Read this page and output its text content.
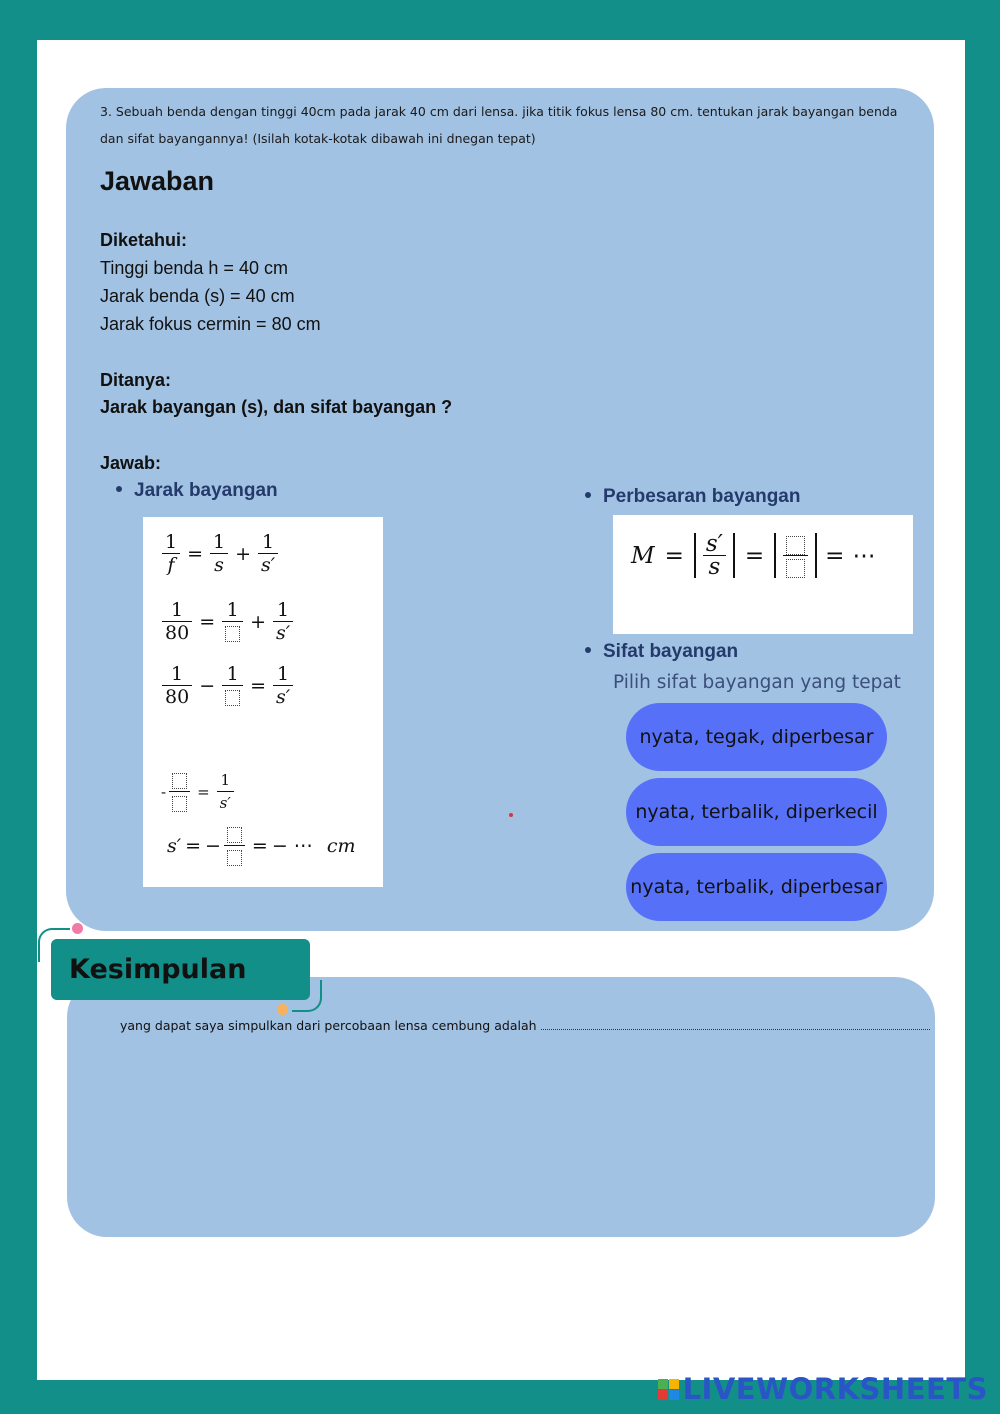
3. Sebuah benda dengan tinggi 40cm pada jarak 40 cm dari lensa. jika titik fokus lensa 80 cm. tentukan jarak bayangan benda dan sifat bayangannya! (Isilah kotak-kotak dibawah ini dnegan tepat)
Jawaban
Diketahui:
Tinggi benda h = 40 cm
Jarak benda (s) = 40 cm
Jarak fokus cermin = 80 cm
Ditanya:
Jarak bayangan (s), dan sifat bayangan ?
Jawab:
Jarak bayangan
$\frac{1}{f} = \frac{1}{s} + \frac{1}{s'}$
$\frac{1}{80}$ =
1
+ $\frac{1}{s'}$
$\frac{1}{80}$ −
1
= $\frac{1}{s'}$
- = $\frac{1}{s'}$
s′ = − = − ⋯ cm
Perbesaran bayangan
$M = \frac{s'}{s}$ =	= ⋯
Sifat bayangan
Pilih sifat bayangan yang tepat
nyata, tegak, diperbesar
nyata, terbalik, diperkecil
nyata, terbalik, diperbesar
Kesimpulan
yang dapat saya simpulkan dari percobaan lensa cembung adalah
LIVEWORKSHEETS
